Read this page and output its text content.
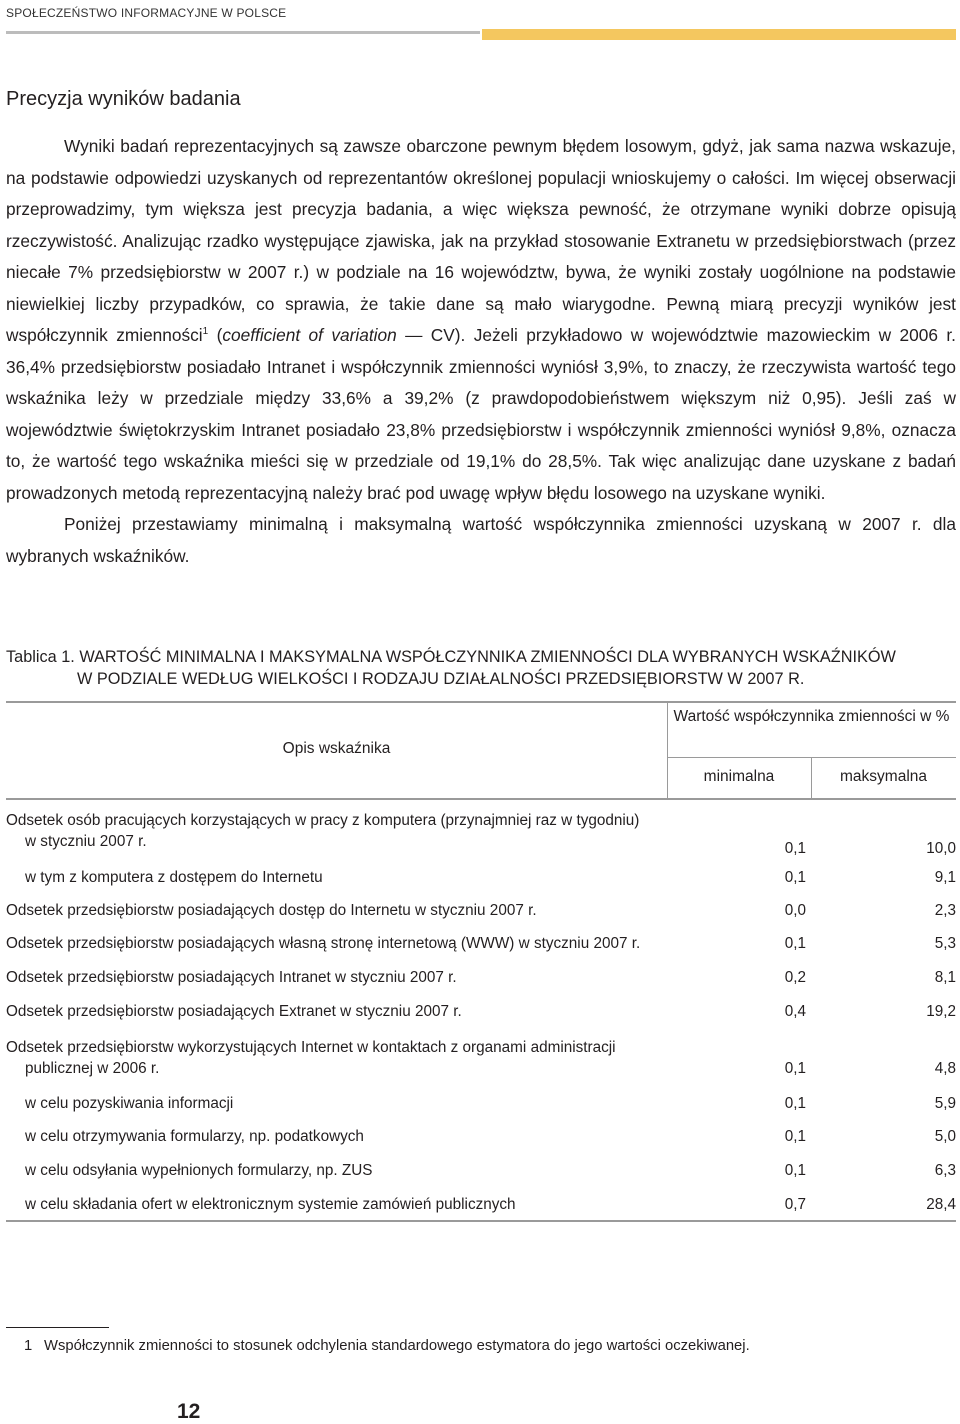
SPOŁECZEŃSTWO INFORMACYJNE W POLSCE
Precyzja wyników badania

Wyniki badań reprezentacyjnych są zawsze obarczone pewnym błędem losowym, gdyż, jak sama nazwa wskazuje, na podstawie odpowiedzi uzyskanych od reprezentantów określonej populacji wnioskujemy o całości. Im więcej obserwacji przeprowadzimy, tym większa jest precyzja badania, a więc większa pewność, że otrzymane wyniki dobrze opisują rzeczywistość. Analizując rzadko występujące zjawiska, jak na przykład stosowanie Extranetu w przedsiębiorstwach (przez niecałe 7% przedsiębiorstw w 2007 r.) w podziale na 16 województw, bywa, że wyniki zostały uogólnione na podstawie niewielkiej liczby przypadków, co sprawia, że takie dane są mało wiarygodne. Pewną miarą precyzji wyników jest współczynnik zmienności$^1$ (coefficient of variation — CV). Jeżeli przykładowo w województwie mazowieckim w 2006 r. 36,4% przedsiębiorstw posiadało Intranet i współczynnik zmienności wyniósł 3,9%, to znaczy, że rzeczywista wartość tego wskaźnika leży w przedziale między 33,6% a 39,2% (z prawdopodobieństwem większym niż 0,95). Jeśli zaś w województwie świętokrzyskim Intranet posiadało 23,8% przedsiębiorstw i współczynnik zmienności wyniósł 9,8%, oznacza to, że wartość tego wskaźnika mieści się w przedziale od 19,1% do 28,5%. Tak więc analizując dane uzyskane z badań prowadzonych metodą reprezentacyjną należy brać pod uwagę wpływ błędu losowego na uzyskane wyniki.

Poniżej przestawiamy minimalną i maksymalną wartość współczynnika zmienności uzyskaną w 2007 r. dla wybranych wskaźników.

Tablica 1. WARTOŚĆ MINIMALNA I MAKSYMALNA WSPÓŁCZYNNIKA ZMIENNOŚCI DLA WYBRANYCH WSKAŹNIKÓW
W PODZIALE WEDŁUG WIELKOŚCI I RODZAJU DZIAŁALNOŚCI PRZEDSIĘBIORSTW W 2007 R.
Opis wskaźnika
Wartość współczynnika zmienności w %
minimalna	maksymalna
Odsetek osób pracujących korzystających w pracy z komputera (przynajmniej raz w tygodniu)
w styczniu 2007 r.	0,1	10,0
w tym z komputera z dostępem do Internetu	0,1	9,1
Odsetek przedsiębiorstw posiadających dostęp do Internetu w styczniu 2007 r.	0,0	2,3
Odsetek przedsiębiorstw posiadających własną stronę internetową (WWW) w styczniu 2007 r.	0,1	5,3
Odsetek przedsiębiorstw posiadających Intranet w styczniu 2007 r.	0,2	8,1
Odsetek przedsiębiorstw posiadających Extranet w styczniu 2007 r.	0,4	19,2
Odsetek przedsiębiorstw wykorzystujących Internet w kontaktach z organami administracji
publicznej w 2006 r.	0,1	4,8
w celu pozyskiwania informacji	0,1	5,9
w celu otrzymywania formularzy, np. podatkowych	0,1	5,0
w celu odsyłania wypełnionych formularzy, np. ZUS	0,1	6,3
w celu składania ofert w elektronicznym systemie zamówień publicznych	0,7	28,4
1 Współczynnik zmienności to stosunek odchylenia standardowego estymatora do jego wartości oczekiwanej.
12
